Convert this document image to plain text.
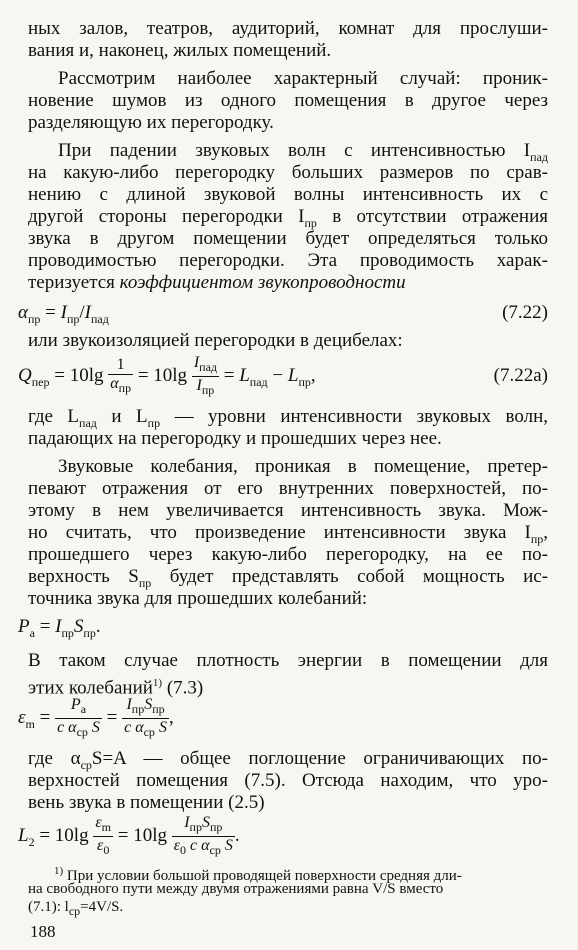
ных залов, театров, аудиторий, комнат для прослуши-
вания и, наконец, жилых помещений.
Рассмотрим наиболее характерный случай: проник-
новение шумов из одного помещения в другое через
разделяющую их перегородку.
При падении звуковых волн с интенсивностью $I_{пад}$
на какую-либо перегородку больших размеров по срав-
нению с длиной звуковой волны интенсивность их с
другой стороны перегородки $I_{пр}$ в отсутствии отражения
звука в другом помещении будет определяться только
проводимостью перегородки. Эта проводимость харак-
теризуется коэффициентом звукопроводности
$\alpha_{пр} = I_{пр}/I_{пад}$	(7.22)
или звукоизоляцией перегородки в децибелах:
$Q_{пер} = 10\lg \frac{1}{\alpha_{пр}} = 10\lg \frac{I_{пад}}{I_{пр}} = L_{пад} - L_{пр}$,	(7.22а)
где $L_{пад}$ и $L_{пр}$ — уровни интенсивности звуковых волн,
падающих на перегородку и прошедших через нее.
Звуковые колебания, проникая в помещение, претер-
певают отражения от его внутренних поверхностей, по-
этому в нем увеличивается интенсивность звука. Мож-
но считать, что произведение интенсивности звука $I_{пр}$,
прошедшего через какую-либо перегородку, на ее по-
верхность $S_{пр}$ будет представлять собой мощность ис-
точника звука для прошедших колебаний:
$P_а = I_{пр}S_{пр}$.
В таком случае плотность энергии в помещении для
этих колебаний$^{1)}$ (7.3)
$\varepsilon_m = \frac{P_а}{c \alpha_{ср} S} = \frac{I_{пр}S_{пр}}{c \alpha_{ср} S}$ ,
где $\alpha_{ср}S=A$ — общее поглощение ограничивающих по-
верхностей помещения (7.5). Отсюда находим, что уро-
вень звука в помещении (2.5)
$L_2 = 10\lg \frac{\varepsilon_m}{\varepsilon_0} = 10\lg \frac{I_{пр}S_{пр}}{\varepsilon_0 c \alpha_{ср} S}$ .
$^{1)}$ При условии большой проводящей поверхности средняя дли-
на свободного пути между двумя отражениями равна V/S вместо
(7.1): $l_{ср}=4V/S$.
188
